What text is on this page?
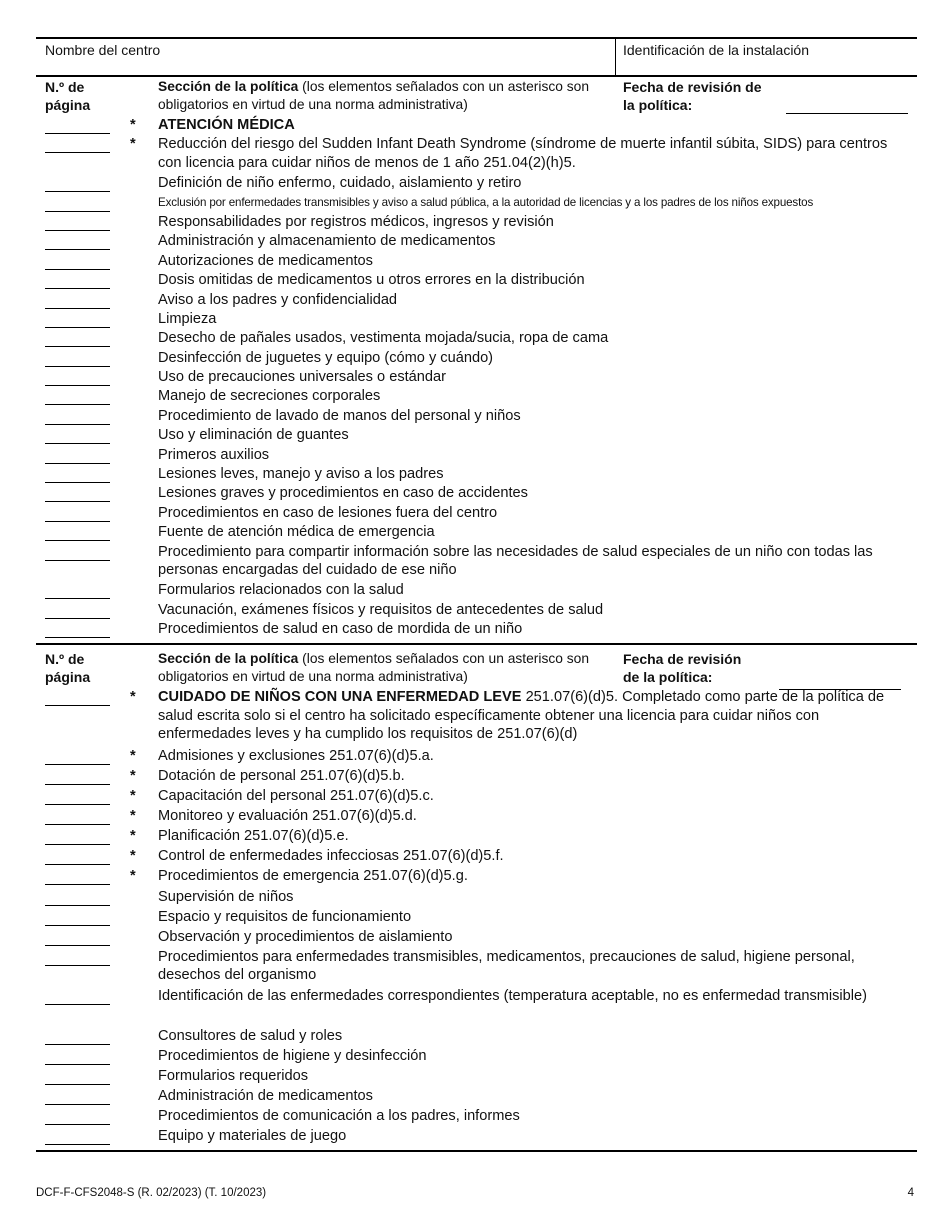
Nombre del centro	Identificación de la instalación
N.º de
página
Sección de la política (los elementos señalados con un asterisco son
obligatorios en virtud de una norma administrativa)
Fecha de revisión de
la política:
* ATENCIÓN MÉDICA
* Reducción del riesgo del Sudden Infant Death Syndrome (síndrome de muerte infantil súbita, SIDS) para centros con licencia para cuidar niños de menos de 1 año 251.04(2)(h)5.
Definición de niño enfermo, cuidado, aislamiento y retiro
Exclusión por enfermedades transmisibles y aviso a salud pública, a la autoridad de licencias y a los padres de los niños expuestos
Responsabilidades por registros médicos, ingresos y revisión
Administración y almacenamiento de medicamentos
Autorizaciones de medicamentos
Dosis omitidas de medicamentos u otros errores en la distribución
Aviso a los padres y confidencialidad
Limpieza
Desecho de pañales usados, vestimenta mojada/sucia, ropa de cama
Desinfección de juguetes y equipo (cómo y cuándo)
Uso de precauciones universales o estándar
Manejo de secreciones corporales
Procedimiento de lavado de manos del personal y niños
Uso y eliminación de guantes
Primeros auxilios
Lesiones leves, manejo y aviso a los padres
Lesiones graves y procedimientos en caso de accidentes
Procedimientos en caso de lesiones fuera del centro
Fuente de atención médica de emergencia
Procedimiento para compartir información sobre las necesidades de salud especiales de un niño con todas las personas encargadas del cuidado de ese niño
Formularios relacionados con la salud
Vacunación, exámenes físicos y requisitos de antecedentes de salud
Procedimientos de salud en caso de mordida de un niño
N.º de
página
Sección de la política (los elementos señalados con un asterisco son
obligatorios en virtud de una norma administrativa)
Fecha de revisión
de la política:
* CUIDADO DE NIÑOS CON UNA ENFERMEDAD LEVE 251.07(6)(d)5. Completado como parte de la política de salud escrita solo si el centro ha solicitado específicamente obtener una licencia para cuidar niños con enfermedades leves y ha cumplido los requisitos de 251.07(6)(d)
* Admisiones y exclusiones 251.07(6)(d)5.a.
* Dotación de personal 251.07(6)(d)5.b.
* Capacitación del personal 251.07(6)(d)5.c.
* Monitoreo y evaluación 251.07(6)(d)5.d.
* Planificación 251.07(6)(d)5.e.
* Control de enfermedades infecciosas 251.07(6)(d)5.f.
* Procedimientos de emergencia 251.07(6)(d)5.g.
Supervisión de niños
Espacio y requisitos de funcionamiento
Observación y procedimientos de aislamiento
Procedimientos para enfermedades transmisibles, medicamentos, precauciones de salud, higiene personal, desechos del organismo
Identificación de las enfermedades correspondientes (temperatura aceptable, no es enfermedad transmisible)
Consultores de salud y roles
Procedimientos de higiene y desinfección
Formularios requeridos
Administración de medicamentos
Procedimientos de comunicación a los padres, informes
Equipo y materiales de juego
DCF-F-CFS2048-S (R. 02/2023) (T. 10/2023)	4
